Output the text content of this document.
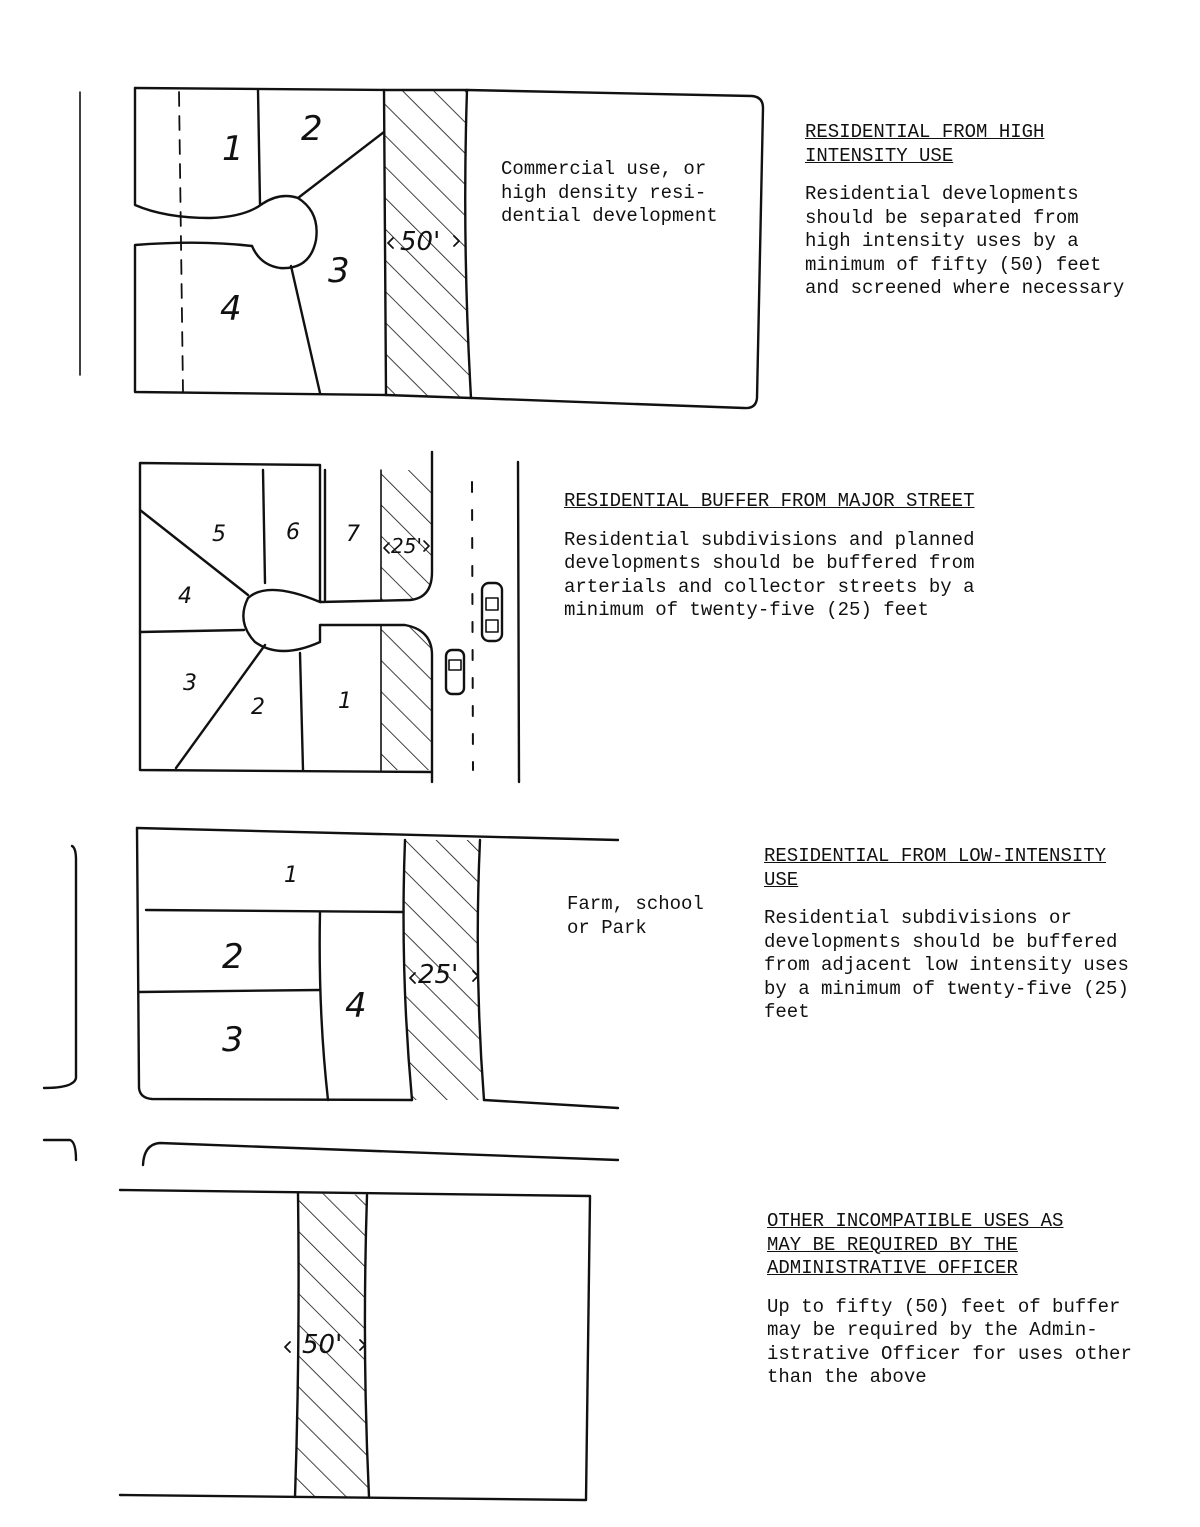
1 2
3
4
50'
5	6 7
4
3
2	1
25'
1
2
3
4
25'
50'
Commercial use, or
high density resi-
dential development
Farm, school
or Park

RESIDENTIAL FROM HIGH
INTENSITY USE

Residential developments
should be separated from
high intensity uses by a
minimum of fifty (50) feet
and screened where necessary

RESIDENTIAL BUFFER FROM MAJOR STREET

Residential subdivisions and planned
developments should be buffered from
arterials and collector streets by a
minimum of twenty-five (25) feet

RESIDENTIAL FROM LOW-INTENSITY
USE

Residential subdivisions or
developments should be buffered
from adjacent low intensity uses
by a minimum of twenty-five (25)
feet

OTHER INCOMPATIBLE USES AS
MAY BE REQUIRED BY THE
ADMINISTRATIVE OFFICER

Up to fifty (50) feet of buffer
may be required by the Admin-
istrative Officer for uses other
than the above
